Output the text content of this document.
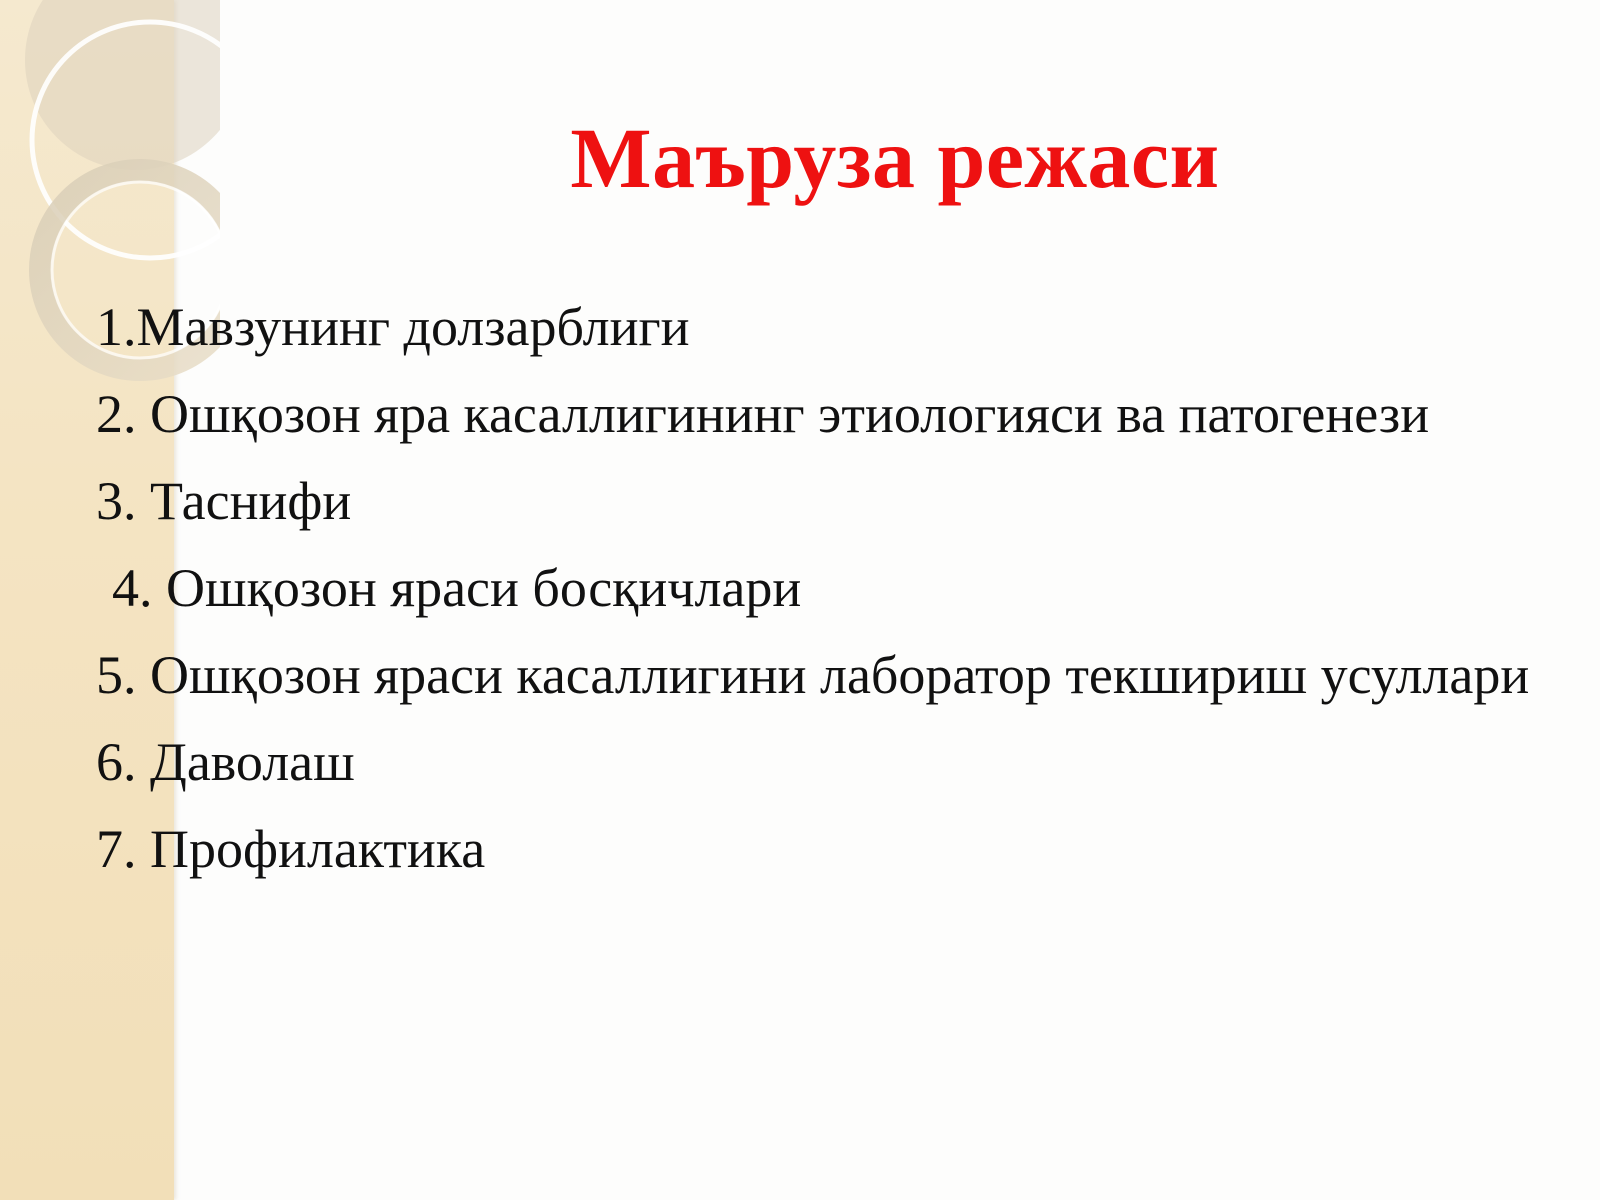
Маъруза режаси
1.Мавзунинг долзарблиги
2. Ошқозон яра касаллигининг этиологияси ва патогенези
3. Таснифи
4. Ошқозон яраси босқичлари
5. Ошқозон яраси касаллигини лаборатор текшириш усуллари
6. Даволаш
7. Профилактика
